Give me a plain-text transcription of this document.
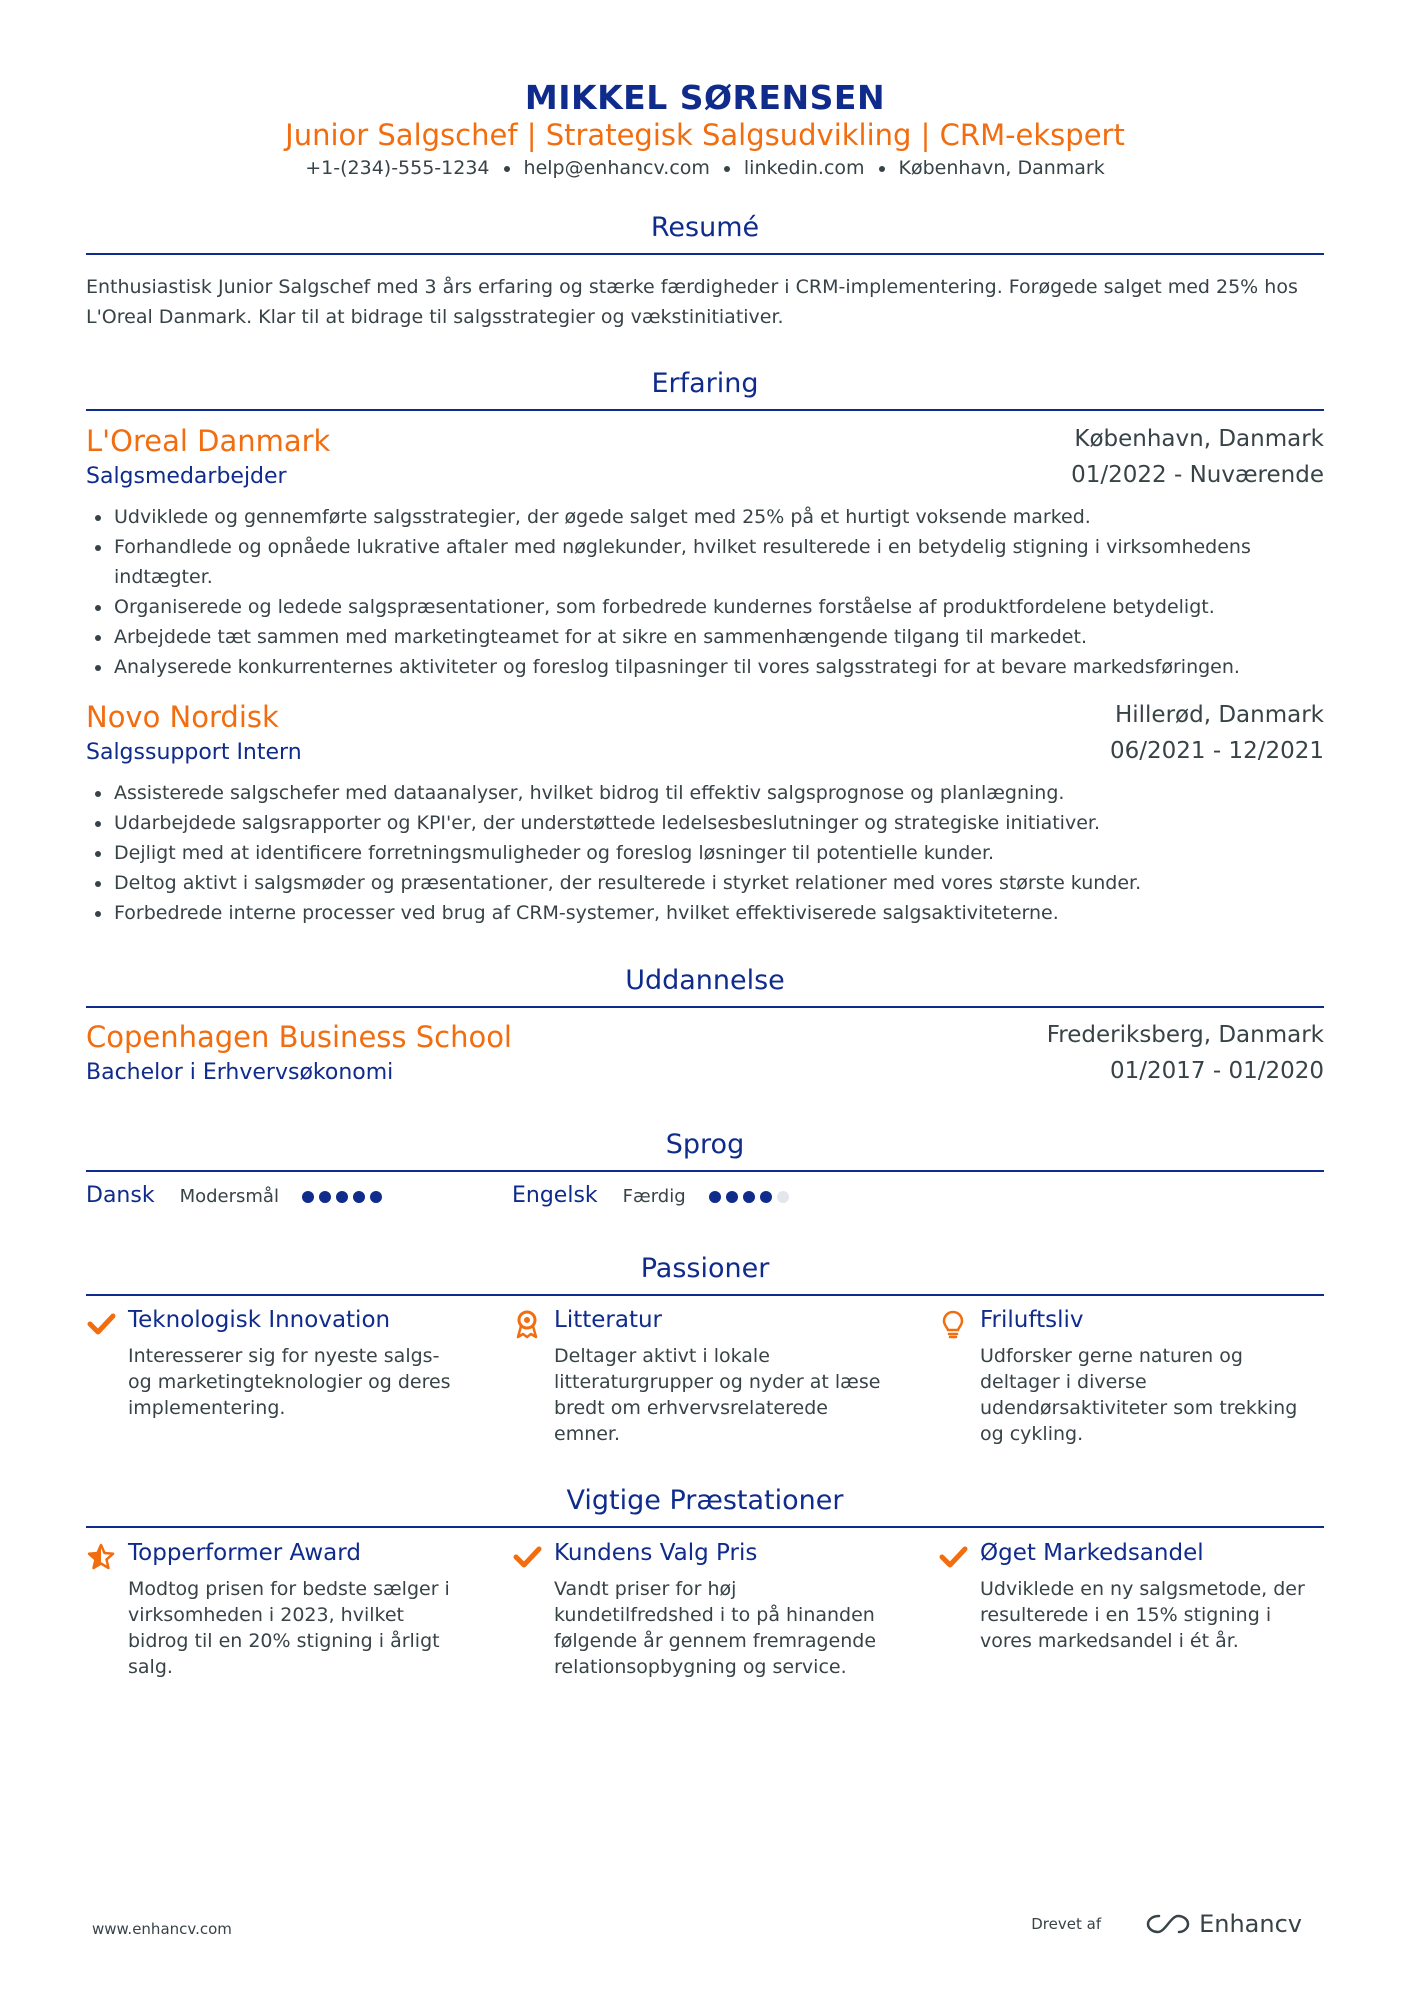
MIKKEL SØRENSEN
Junior Salgschef | Strategisk Salgsudvikling | CRM-ekspert
+1-(234)-555-1234 help@enhancv.com linkedin.com København, Danmark
Resumé
Enthusiastisk Junior Salgschef med 3 års erfaring og stærke færdigheder i CRM-implementering. Forøgede salget med 25% hos L'Oreal Danmark. Klar til at bidrage til salgsstrategier og vækstinitiativer.
Erfaring
L'Oreal Danmark	København, Danmark
Salgsmedarbejder	01/2022 - Nuværende
Udviklede og gennemførte salgsstrategier, der øgede salget med 25% på et hurtigt voksende marked.
Forhandlede og opnåede lukrative aftaler med nøglekunder, hvilket resulterede i en betydelig stigning i virksomhedens indtægter.
Organiserede og ledede salgspræsentationer, som forbedrede kundernes forståelse af produktfordelene betydeligt.
Arbejdede tæt sammen med marketingteamet for at sikre en sammenhængende tilgang til markedet.
Analyserede konkurrenternes aktiviteter og foreslog tilpasninger til vores salgsstrategi for at bevare markedsføringen.
Novo Nordisk	Hillerød, Danmark
Salgssupport Intern	06/2021 - 12/2021
Assisterede salgschefer med dataanalyser, hvilket bidrog til effektiv salgsprognose og planlægning.
Udarbejdede salgsrapporter og KPI'er, der understøttede ledelsesbeslutninger og strategiske initiativer.
Dejligt med at identificere forretningsmuligheder og foreslog løsninger til potentielle kunder.
Deltog aktivt i salgsmøder og præsentationer, der resulterede i styrket relationer med vores største kunder.
Forbedrede interne processer ved brug af CRM-systemer, hvilket effektiviserede salgsaktiviteterne.
Uddannelse
Copenhagen Business School	Frederiksberg, Danmark
Bachelor i Erhvervsøkonomi	01/2017 - 01/2020
Sprog
Dansk Modersmål	Engelsk Færdig
Passioner
Teknologisk Innovation
Interesserer sig for nyeste salgs- og marketingteknologier og deres implementering.
Litteratur
Deltager aktivt i lokale litteraturgrupper og nyder at læse bredt om erhvervsrelaterede emner.
Friluftsliv
Udforsker gerne naturen og deltager i diverse udendørsaktiviteter som trekking og cykling.
Vigtige Præstationer
Topperformer Award
Modtog prisen for bedste sælger i virksomheden i 2023, hvilket bidrog til en 20% stigning i årligt salg.
Kundens Valg Pris
Vandt priser for høj kundetilfredshed i to på hinanden følgende år gennem fremragende relationsopbygning og service.
Øget Markedsandel
Udviklede en ny salgsmetode, der resulterede i en 15% stigning i vores markedsandel i ét år.
www.enhancv.com	Drevet af	Enhancv
